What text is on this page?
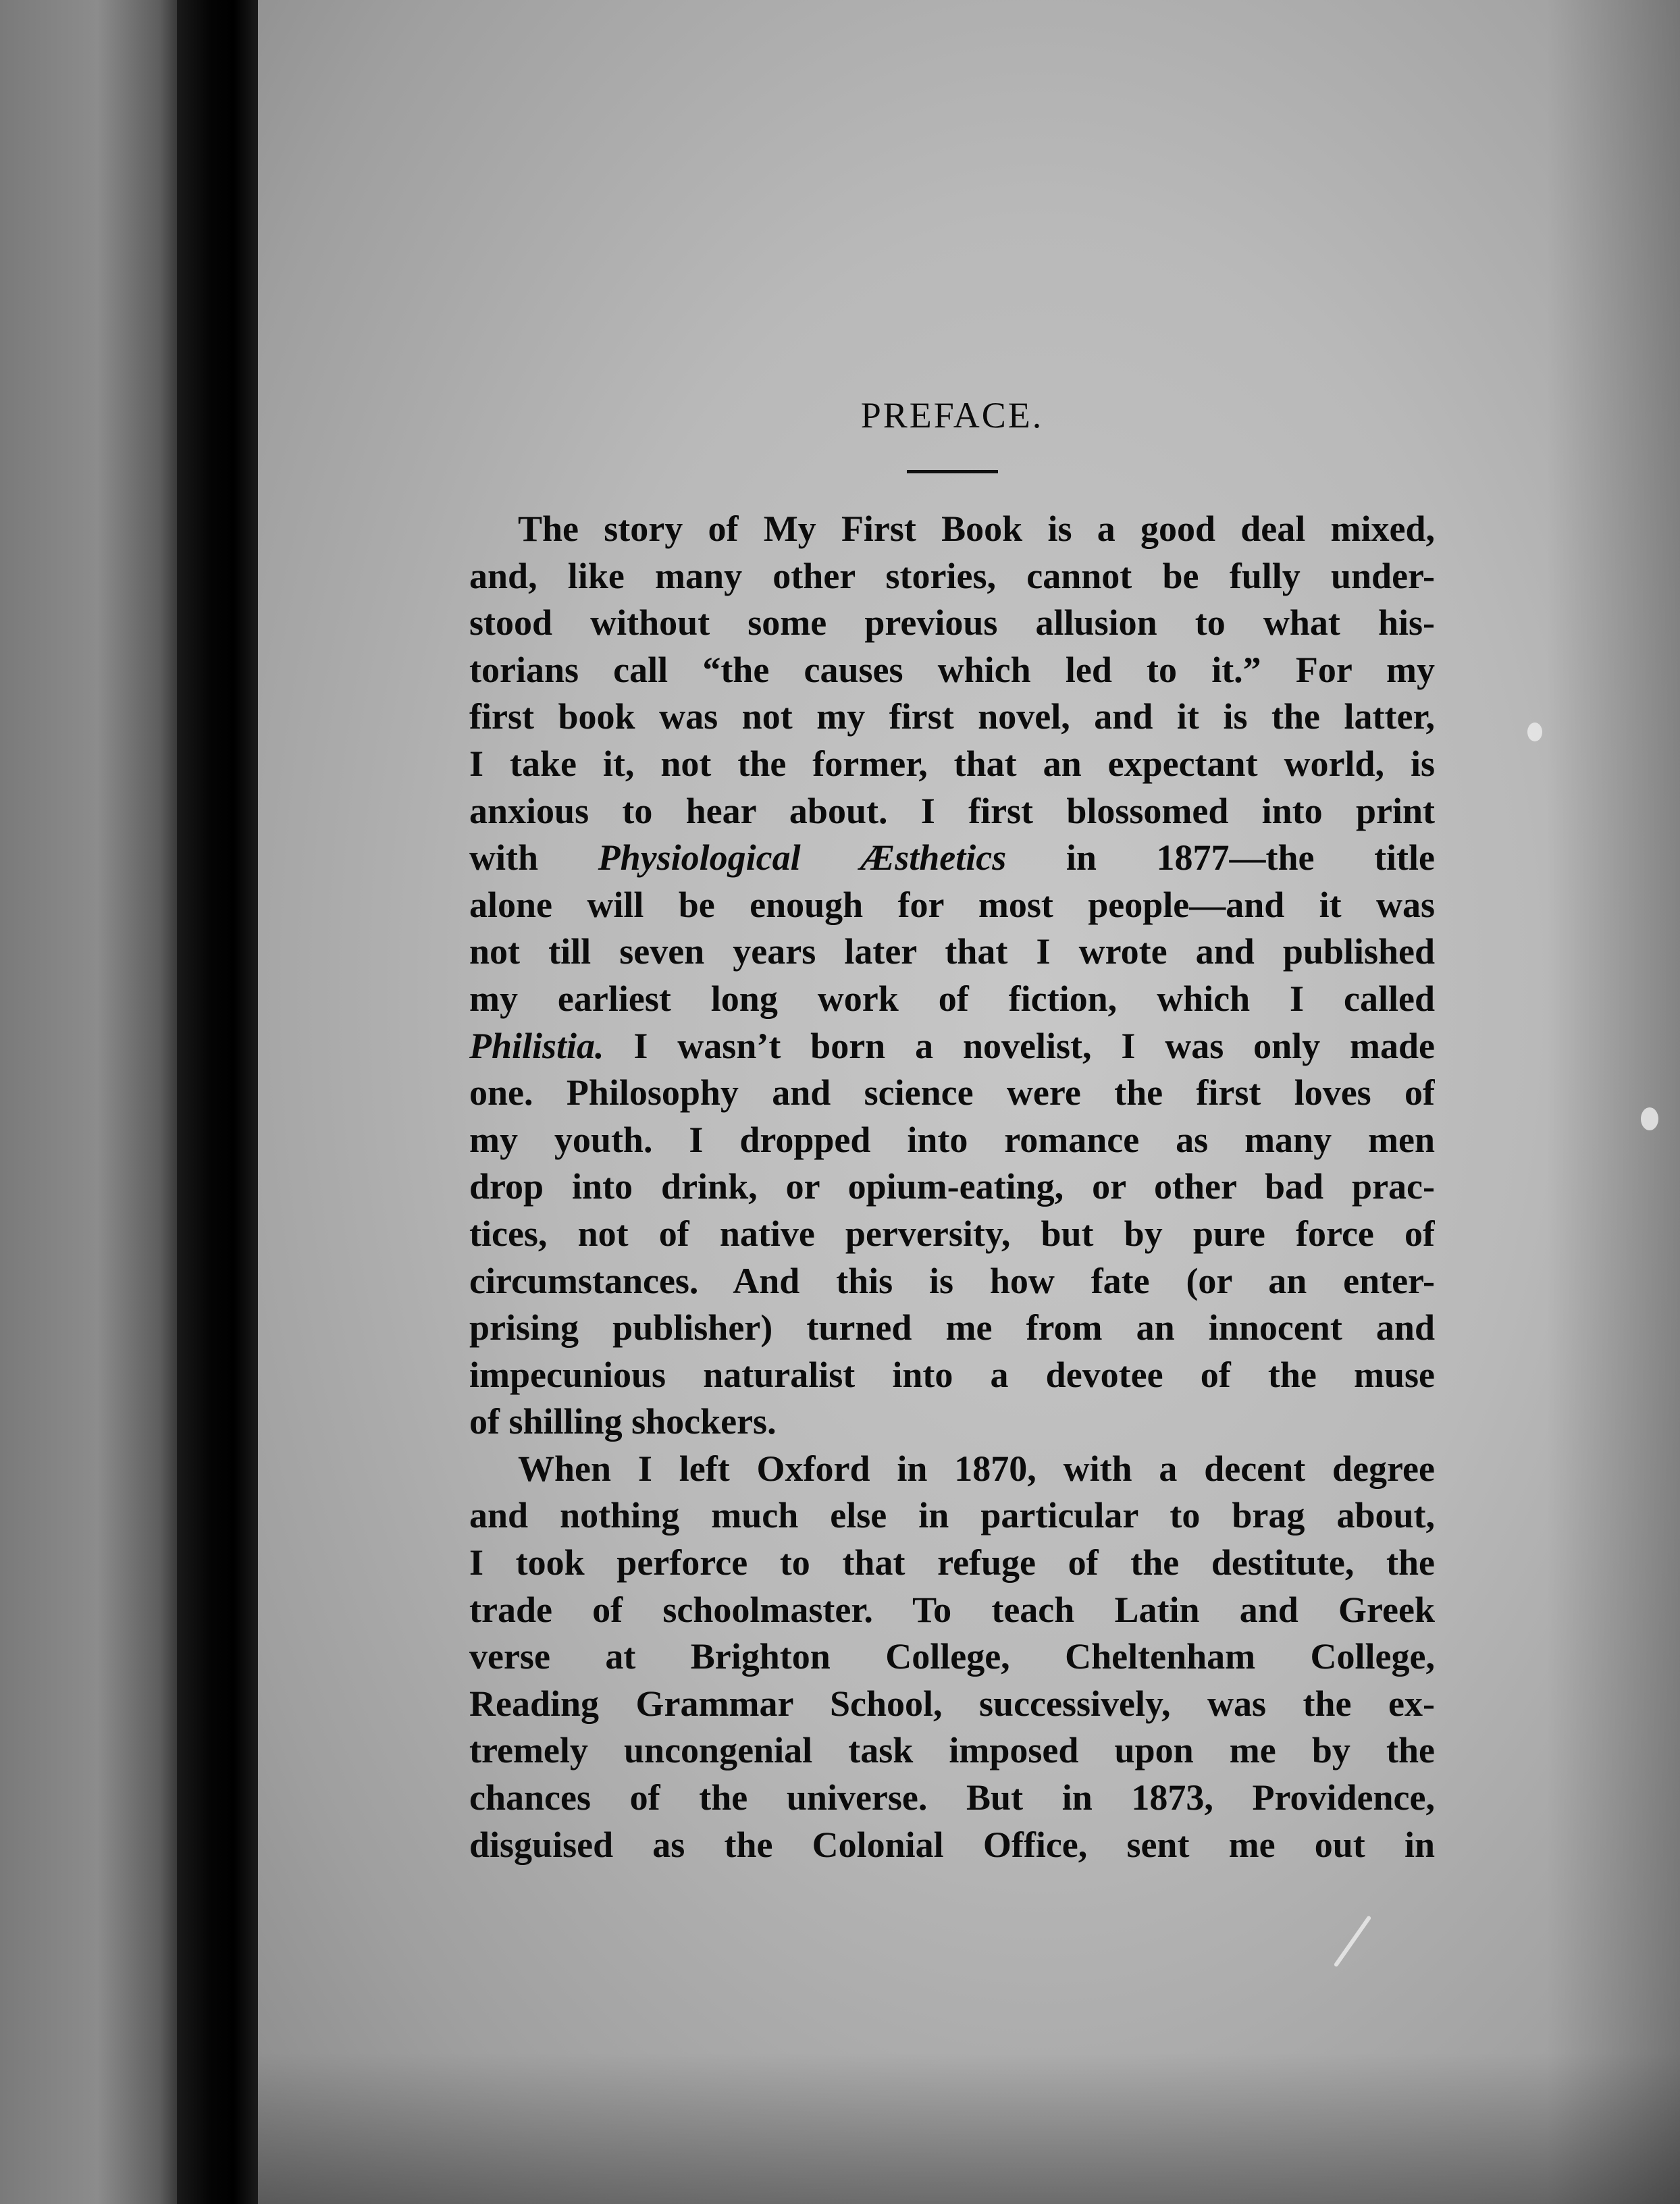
PREFACE.
The story of My First Book is a good deal mixed,
and, like many other stories, cannot be fully under-
stood without some previous allusion to what his-
torians call “the causes which led to it.” For my
first book was not my first novel, and it is the latter,
I take it, not the former, that an expectant world, is
anxious to hear about. I first blossomed into print
with Physiological Æsthetics in 1877—the title
alone will be enough for most people—and it was
not till seven years later that I wrote and published
my earliest long work of fiction, which I called
Philistia. I wasn’t born a novelist, I was only made
one. Philosophy and science were the first loves of
my youth. I dropped into romance as many men
drop into drink, or opium-eating, or other bad prac-
tices, not of native perversity, but by pure force of
circumstances. And this is how fate (or an enter-
prising publisher) turned me from an innocent and
impecunious naturalist into a devotee of the muse
of shilling shockers.
When I left Oxford in 1870, with a decent degree
and nothing much else in particular to brag about,
I took perforce to that refuge of the destitute, the
trade of schoolmaster. To teach Latin and Greek
verse at Brighton College, Cheltenham College,
Reading Grammar School, successively, was the ex-
tremely uncongenial task imposed upon me by the
chances of the universe. But in 1873, Providence,
disguised as the Colonial Office, sent me out in
